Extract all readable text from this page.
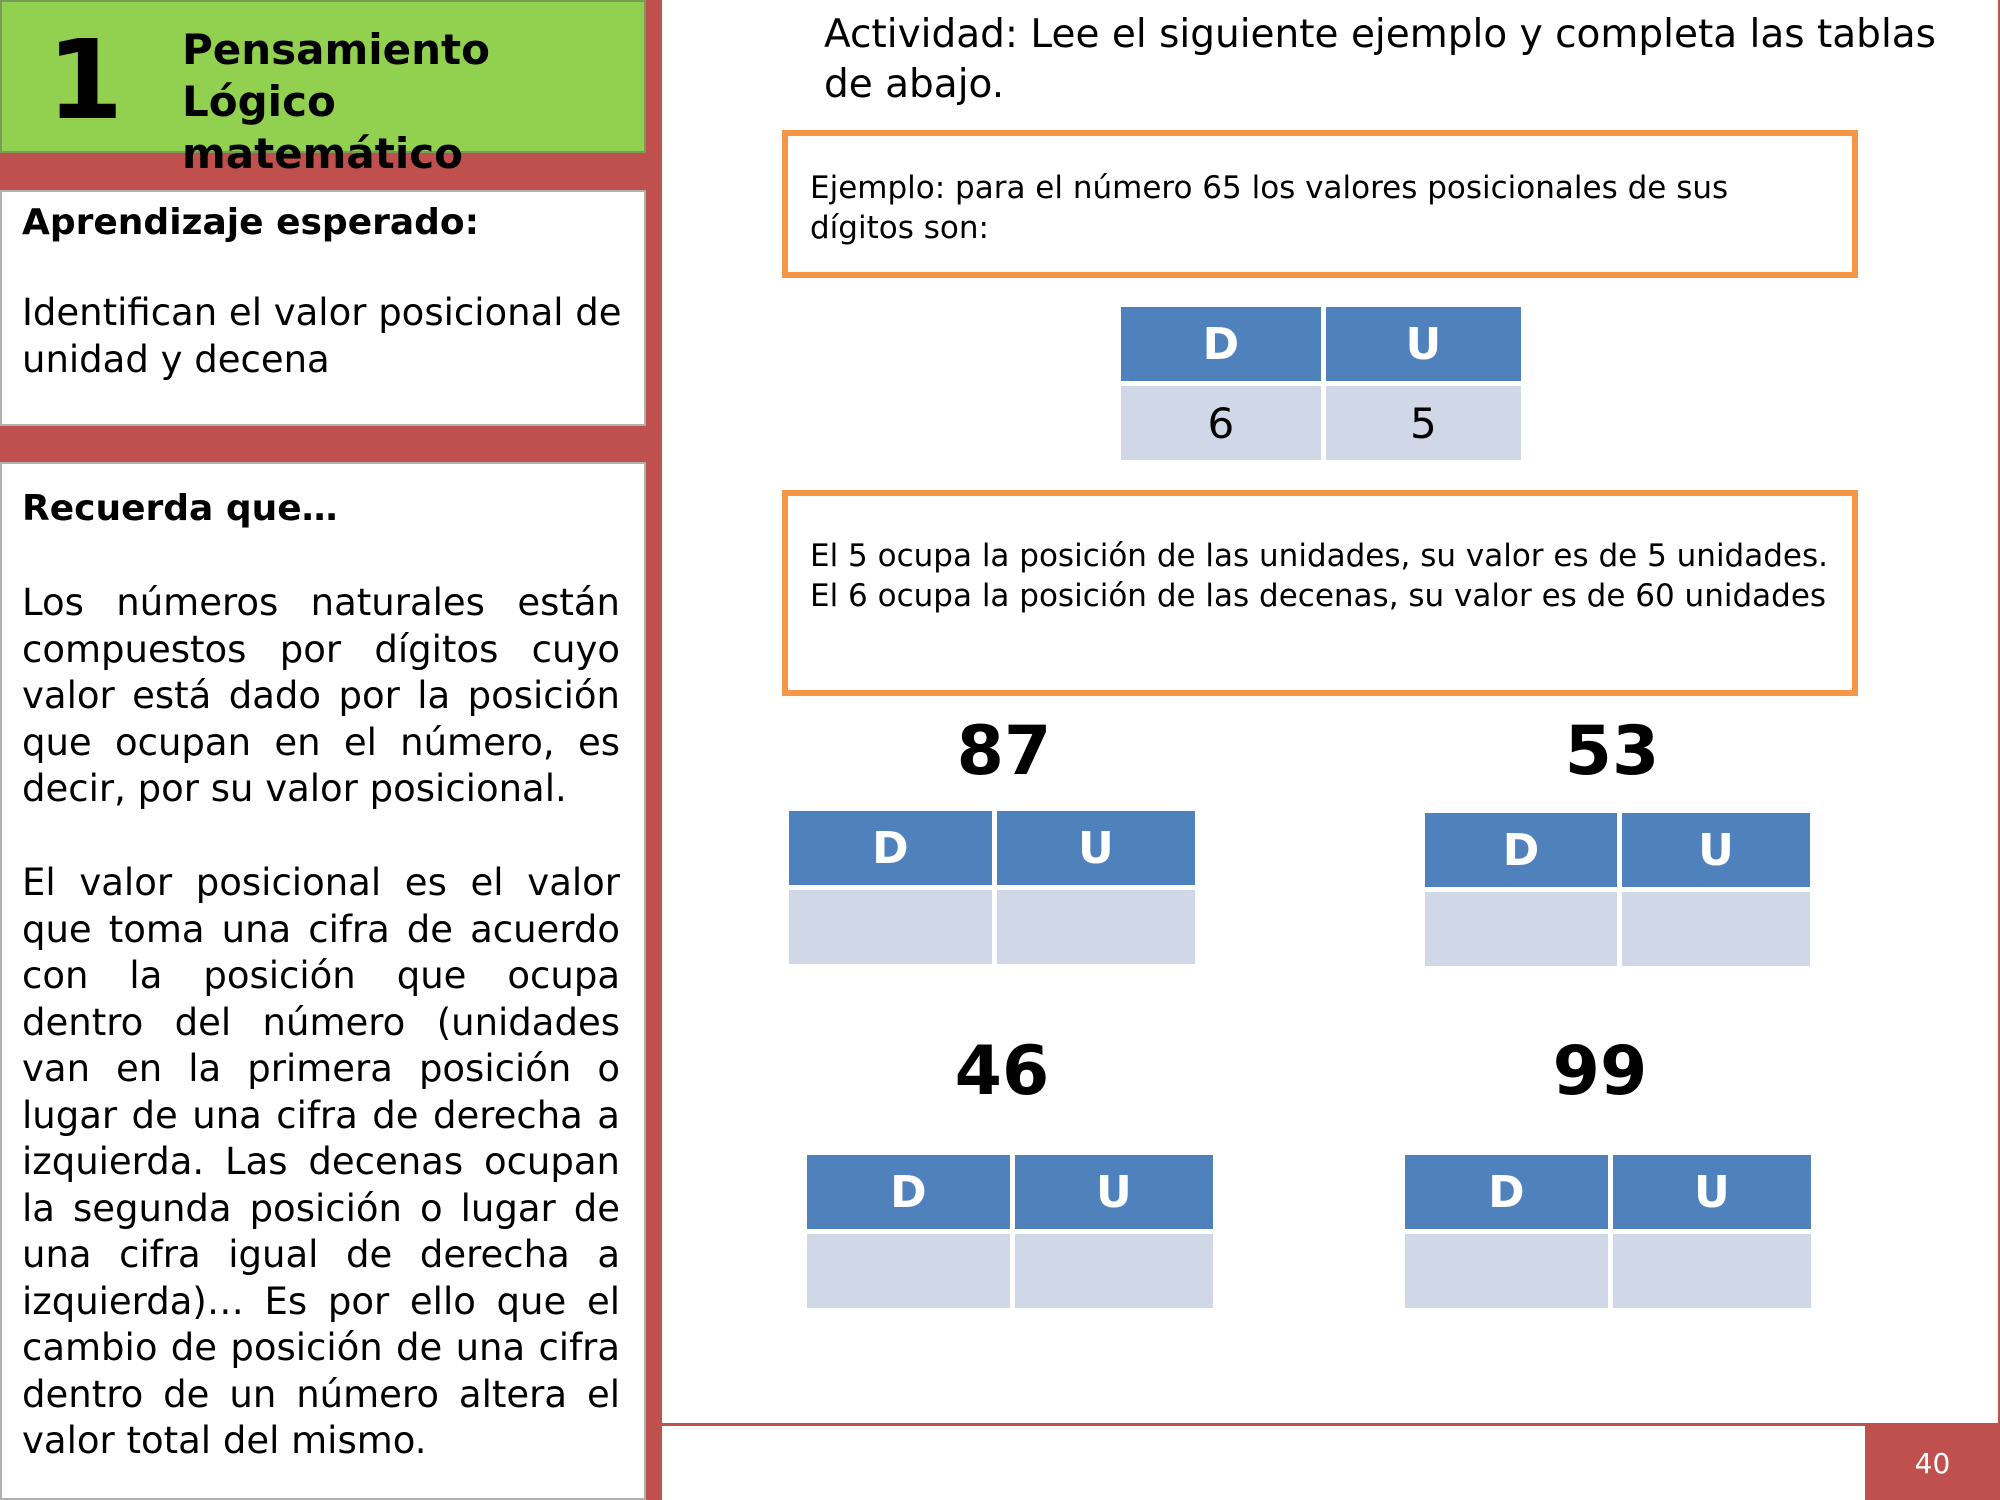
1	Pensamiento Lógico
matemático
Aprendizaje esperado:
Identifican el valor posicional de unidad y decena
Recuerda que…
Los números naturales están compuestos por dígitos cuyo valor está dado por la posición que ocupan en el número, es decir, por su valor posicional.
El valor posicional es el valor que toma una cifra de acuerdo con la posición que ocupa dentro del número (unidades van en la primera posición o lugar de una cifra de derecha a izquierda. Las decenas ocupan la segunda posición o lugar de una cifra igual de derecha a izquierda)… Es por ello que el cambio de posición de una cifra dentro de un número altera el valor total del mismo.
Actividad: Lee el siguiente ejemplo y completa las tablas de abajo.
Ejemplo: para el número 65 los valores posicionales de sus dígitos son:
D	U
6	5
El 5 ocupa la posición de las unidades, su valor es de 5 unidades.
El 6 ocupa la posición de las decenas, su valor es de 60 unidades
87
D	U

53
D	U

46
D	U

99
D	U

40
